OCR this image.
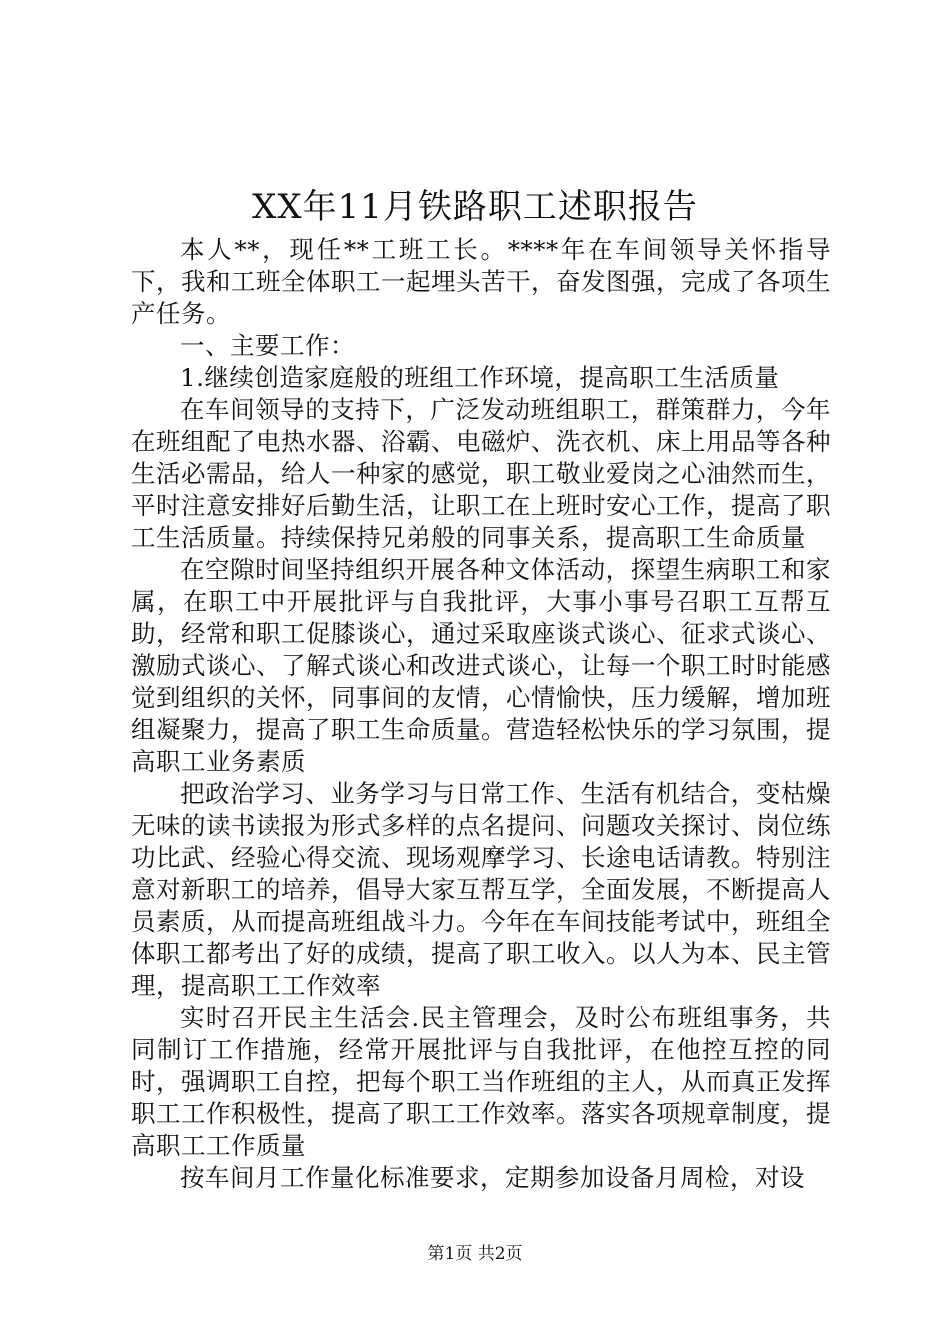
XX年11月铁路职工述职报告

本人**，现任**工班工长。****年在车间领导关怀指导下，我和工班全体职工一起埋头苦干，奋发图强，完成了各项生产任务。

一、主要工作：

1.继续创造家庭般的班组工作环境，提高职工生活质量

在车间领导的支持下，广泛发动班组职工，群策群力，今年在班组配了电热水器、浴霸、电磁炉、洗衣机、床上用品等各种生活必需品，给人一种家的感觉，职工敬业爱岗之心油然而生，平时注意安排好后勤生活，让职工在上班时安心工作，提高了职工生活质量。持续保持兄弟般的同事关系，提高职工生命质量

在空隙时间坚持组织开展各种文体活动，探望生病职工和家属，在职工中开展批评与自我批评，大事小事号召职工互帮互助，经常和职工促膝谈心，通过采取座谈式谈心、征求式谈心、激励式谈心、了解式谈心和改进式谈心，让每一个职工时时能感觉到组织的关怀，同事间的友情，心情愉快，压力缓解，增加班组凝聚力，提高了职工生命质量。营造轻松快乐的学习氛围，提高职工业务素质

把政治学习、业务学习与日常工作、生活有机结合，变枯燥无味的读书读报为形式多样的点名提问、问题攻关探讨、岗位练功比武、经验心得交流、现场观摩学习、长途电话请教。特别注意对新职工的培养，倡导大家互帮互学，全面发展，不断提高人员素质，从而提高班组战斗力。今年在车间技能考试中，班组全体职工都考出了好的成绩，提高了职工收入。以人为本、民主管理，提高职工工作效率

实时召开民主生活会.民主管理会，及时公布班组事务，共同制订工作措施，经常开展批评与自我批评，在他控互控的同时，强调职工自控，把每个职工当作班组的主人，从而真正发挥职工工作积极性，提高了职工工作效率。落实各项规章制度，提高职工工作质量

按车间月工作量化标准要求，定期参加设备月周检，对设

第1页 共2页
